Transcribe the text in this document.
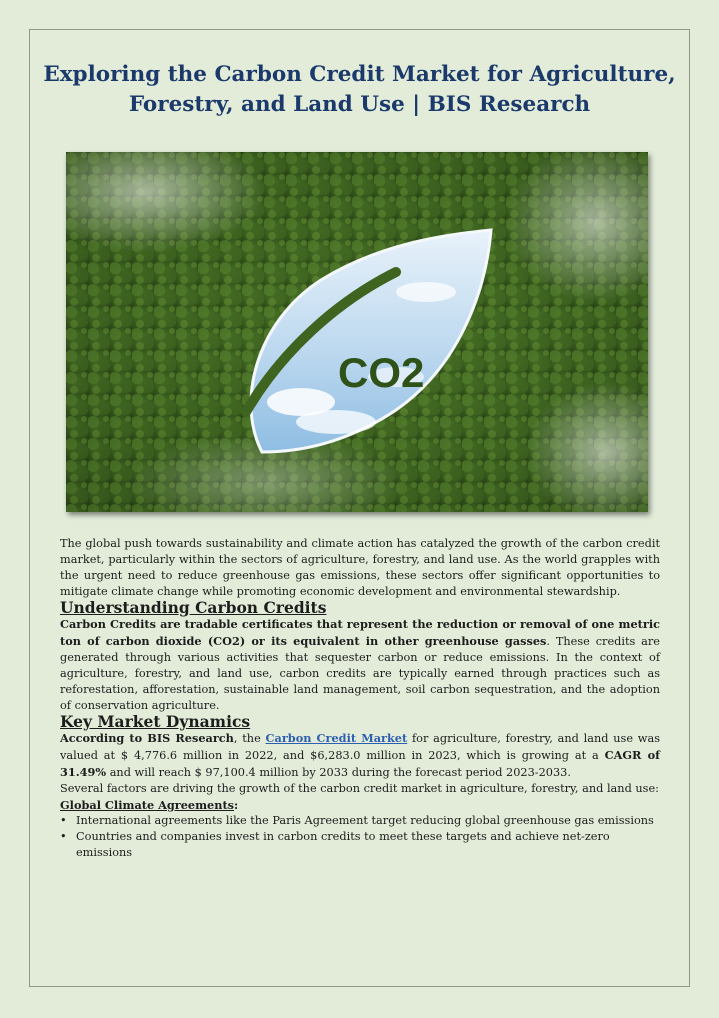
Exploring the Carbon Credit Market for Agriculture,
Forestry, and Land Use | BIS Research
CO2

The global push towards sustainability and climate action has catalyzed the growth of the carbon credit market, particularly within the sectors of agriculture, forestry, and land use. As the world grapples with the urgent need to reduce greenhouse gas emissions, these sectors offer significant opportunities to mitigate climate change while promoting economic development and environmental stewardship.

Understanding Carbon Credits

Carbon Credits are tradable certificates that represent the reduction or removal of one metric ton of carbon dioxide (CO2) or its equivalent in other greenhouse gasses. These credits are generated through various activities that sequester carbon or reduce emissions. In the context of agriculture, forestry, and land use, carbon credits are typically earned through practices such as reforestation, afforestation, sustainable land management, soil carbon sequestration, and the adoption of conservation agriculture.

Key Market Dynamics

According to BIS Research, the Carbon Credit Market for agriculture, forestry, and land use was valued at $ 4,776.6 million in 2022, and $6,283.0 million in 2023, which is growing at a CAGR of 31.49% and will reach $ 97,100.4 million by 2033 during the forecast period 2023-2033.

Several factors are driving the growth of the carbon credit market in agriculture, forestry, and land use:

Global Climate Agreements:

• International agreements like the Paris Agreement target reducing global greenhouse gas emissions
• Countries and companies invest in carbon credits to meet these targets and achieve net-zero emissions
